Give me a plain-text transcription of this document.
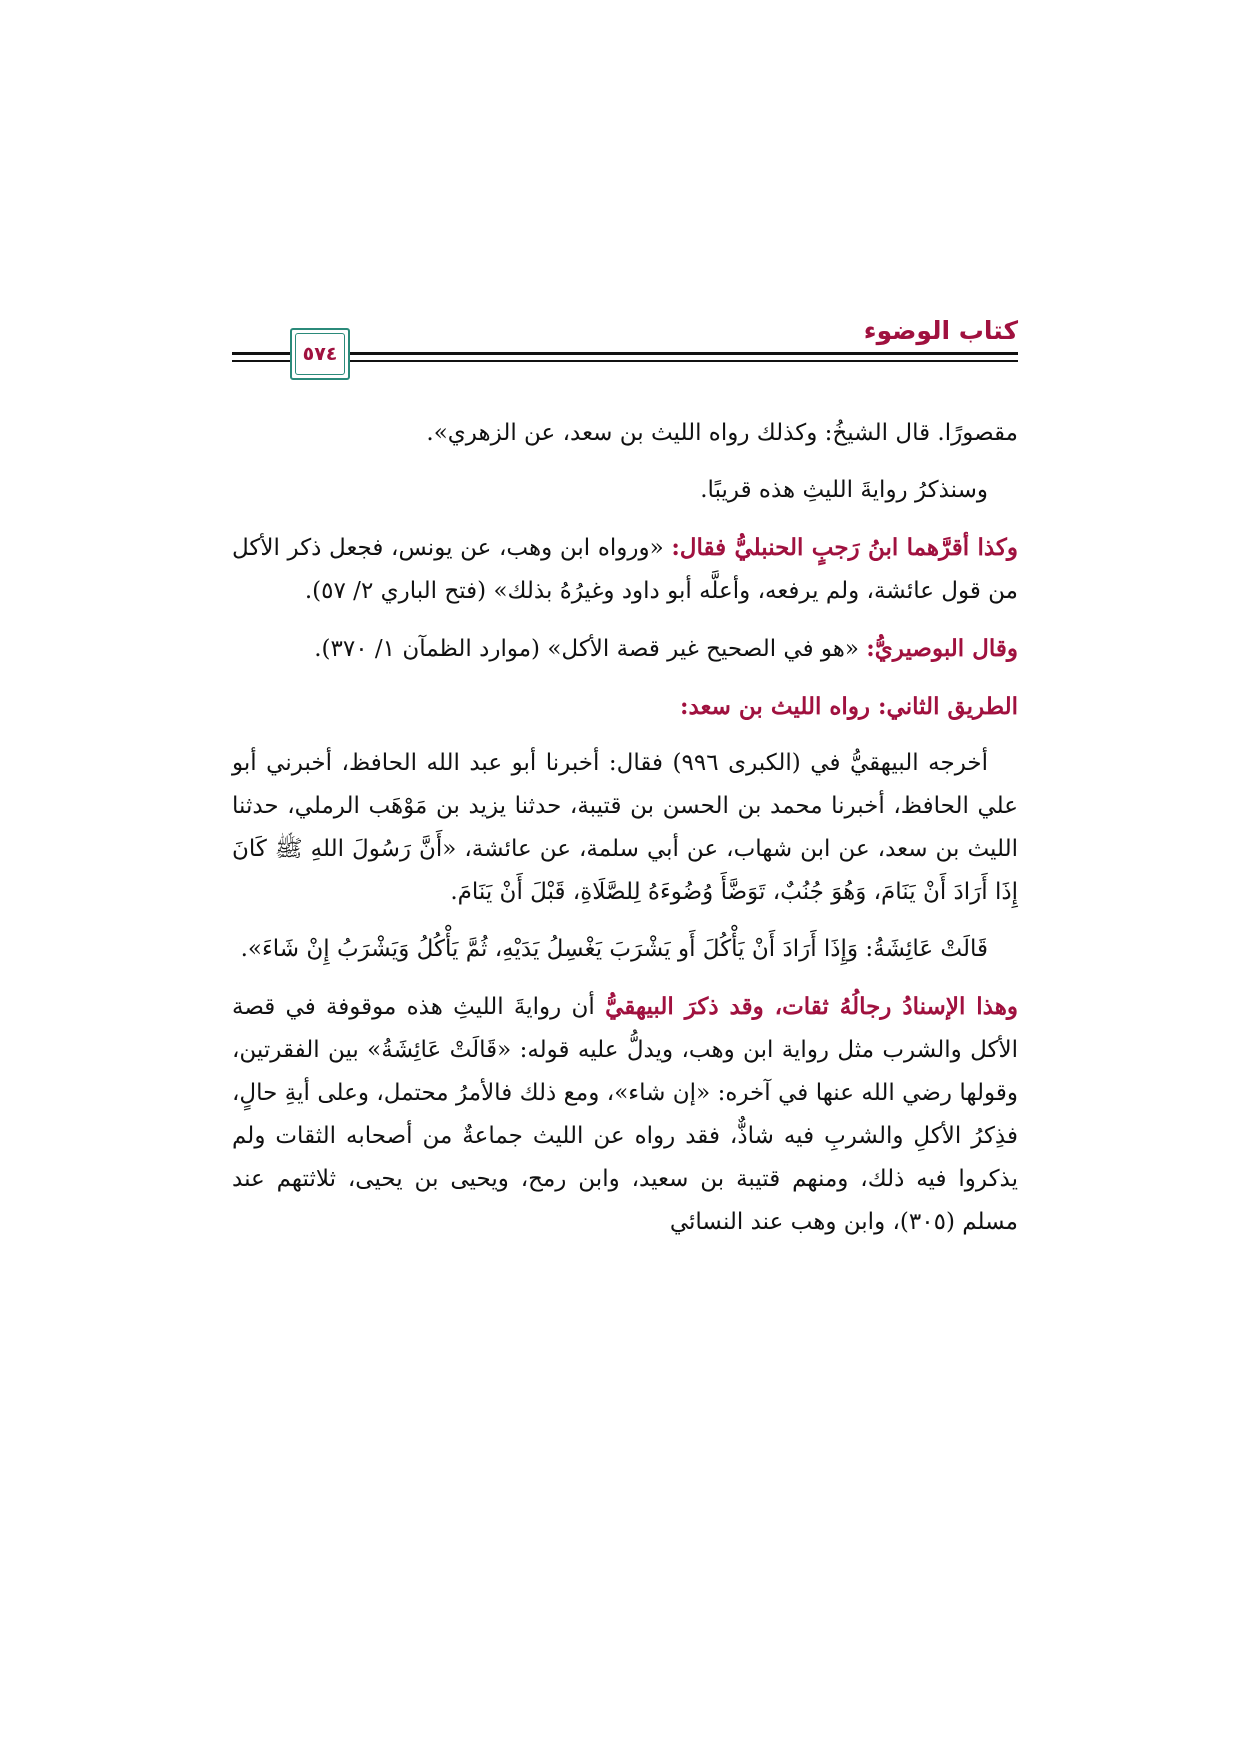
كتاب الوضوء
٥٧٤

مقصورًا. قال الشيخُ: وكذلك رواه الليث بن سعد، عن الزهري».

وسنذكرُ روايةَ الليثِ هذه قريبًا.

وكذا أقرَّهما ابنُ رَجبٍ الحنبليُّ فقال: «ورواه ابن وهب، عن يونس، فجعل ذكر الأكل من قول عائشة، ولم يرفعه، وأعلَّه أبو داود وغيرُهُ بذلك» (فتح الباري ٢/ ٥٧).

وقال البوصيريُّ: «هو في الصحيح غير قصة الأكل» (موارد الظمآن ١/ ٣٧٠).

الطريق الثاني: رواه الليث بن سعد:

أخرجه البيهقيُّ في (الكبرى ٩٩٦) فقال: أخبرنا أبو عبد الله الحافظ، أخبرني أبو علي الحافظ، أخبرنا محمد بن الحسن بن قتيبة، حدثنا يزيد بن مَوْهَب الرملي، حدثنا الليث بن سعد، عن ابن شهاب، عن أبي سلمة، عن عائشة، «أَنَّ رَسُولَ اللهِ ﷺ كَانَ إِذَا أَرَادَ أَنْ يَنَامَ، وَهُوَ جُنُبٌ، تَوَضَّأَ وُضُوءَهُ لِلصَّلَاةِ، قَبْلَ أَنْ يَنَامَ.

قَالَتْ عَائِشَةُ: وَإِذَا أَرَادَ أَنْ يَأْكُلَ أَو يَشْرَبَ يَغْسِلُ يَدَيْهِ، ثُمَّ يَأْكُلُ وَيَشْرَبُ إِنْ شَاءَ».

وهذا الإسنادُ رجالُهُ ثقات، وقد ذكرَ البيهقيُّ أن روايةَ الليثِ هذه موقوفة في قصة الأكل والشرب مثل رواية ابن وهب، ويدلُّ عليه قوله: «قَالَتْ عَائِشَةُ» بين الفقرتين، وقولها رضي الله عنها في آخره: «إن شاء»، ومع ذلك فالأمرُ محتمل، وعلى أيةِ حالٍ، فذِكرُ الأكلِ والشربِ فيه شاذٌّ، فقد رواه عن الليث جماعةٌ من أصحابه الثقات ولم يذكروا فيه ذلك، ومنهم قتيبة بن سعيد، وابن رمح، ويحيى بن يحيى، ثلاثتهم عند مسلم (٣٠٥)، وابن وهب عند النسائي
